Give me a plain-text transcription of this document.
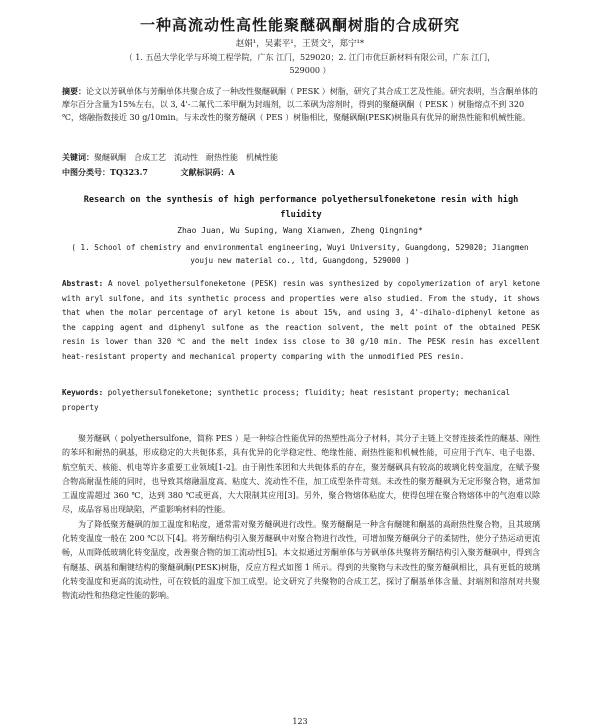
一种高流动性高性能聚醚砜酮树脂的合成研究
赵娟¹，吴素平¹，王贤文²，郑宁¹*
（ 1. 五邑大学化学与环境工程学院，广东 江门，529020；2. 江门市优巨新材料有限公司，广东 江门，529000 ）
摘要：论文以芳砜单体与芳酮单体共聚合成了一种改性聚醚砜酮（ PESK ）树脂，研究了其合成工艺及性能。研究表明，当含酮单体的摩尔百分含量为15%左右，以 3, 4'-二氟代二苯甲酮为封端剂，以二苯砜为溶剂时，得到的聚醚砜酮（ PESK ）树脂熔点不到 320 ℃，熔融指数接近 30 g/10min。与未改性的聚芳醚砜（ PES ）树脂相比，聚醚砜酮(PESK)树脂具有优异的耐热性能和机械性能。
关键词：聚醚砜酮　合成工艺　流动性　耐热性能　机械性能
中图分类号：TQ323.7	文献标识码：A
Research on the synthesis of high performance polyethersulfoneketone resin with high fluidity
Zhao Juan, Wu Suping, Wang Xianwen, Zheng Qingning*
( 1. School of chemistry and environmental engineering, Wuyi University, Guangdong, 529020; Jiangmen youju new material co., ltd, Guangdong, 529000 )
Abstrast: A novel polyethersulfoneketone (PESK) resin was synthesized by copolymerization of aryl ketone with aryl sulfone, and its synthetic process and properties were also studied. From the study, it shows that when the molar percentage of aryl ketone is about 15%, and using 3, 4'-dihalo-diphenyl ketone as the capping agent and diphenyl sulfone as the reaction solvent, the melt point of the obtained PESK resin is lower than 320 ℃ and the melt index iss close to 30 g/10 min. The PESK resin has excellent heat-resistant property and mechanical property comparing with the unmodified PES resin.
Keywords: polyethersulfoneketone; synthetic process; fluidity; heat resistant property; mechanical property

聚芳醚砜（ polyethersulfone，简称 PES ）是一种综合性能优异的热塑性高分子材料，其分子主链上交替连接柔性的醚基、刚性的苯环和耐热的砜基，形成稳定的大共轭体系，具有优异的化学稳定性、绝缘性能、耐热性能和机械性能，可应用于汽车、电子电器、航空航天、核能、机电等许多重要工业领域[1-2]。由于刚性苯团和大共轭体系的存在，聚芳醚砜具有较高的玻璃化转变温度，在赋予聚合物高耐温性能的同时，也导致其熔融温度高、粘度大、流动性不佳，加工成型条件苛刻。未改性的聚芳醚砜为无定形聚合物，通常加工温度需超过 360 ℃，达到 380 ℃或更高，大大限制其应用[3]。另外，聚合物熔体粘度大，使得包埋在聚合物熔体中的气泡难以除尽，成品容易出现缺陷，严重影响材料的性能。

为了降低聚芳醚砜的加工温度和粘度，通常需对聚芳醚砜进行改性。聚芳醚酮是一种含有醚键和酮基的高耐热性聚合物，且其玻璃化转变温度一般在 200 ℃以下[4]。将芳酮结构引入聚芳醚砜中对聚合物进行改性，可增加聚芳醚砜分子的柔韧性，使分子热运动更流畅，从而降低玻璃化转变温度，改善聚合物的加工流动性[5]。本文拟通过芳酮单体与芳砜单体共聚将芳酮结构引入聚芳醚砜中，得到含有醚基、砜基和酮键结构的聚醚砜酮(PESK)树脂，反应方程式如图 1 所示。得到的共聚物与未改性的聚芳醚砜相比，具有更低的玻璃化转变温度和更高的流动性，可在较低的温度下加工成型。论文研究了共聚物的合成工艺，探讨了酮基单体含量、封端剂和溶剂对共聚物流动性和热稳定性能的影响。

123
